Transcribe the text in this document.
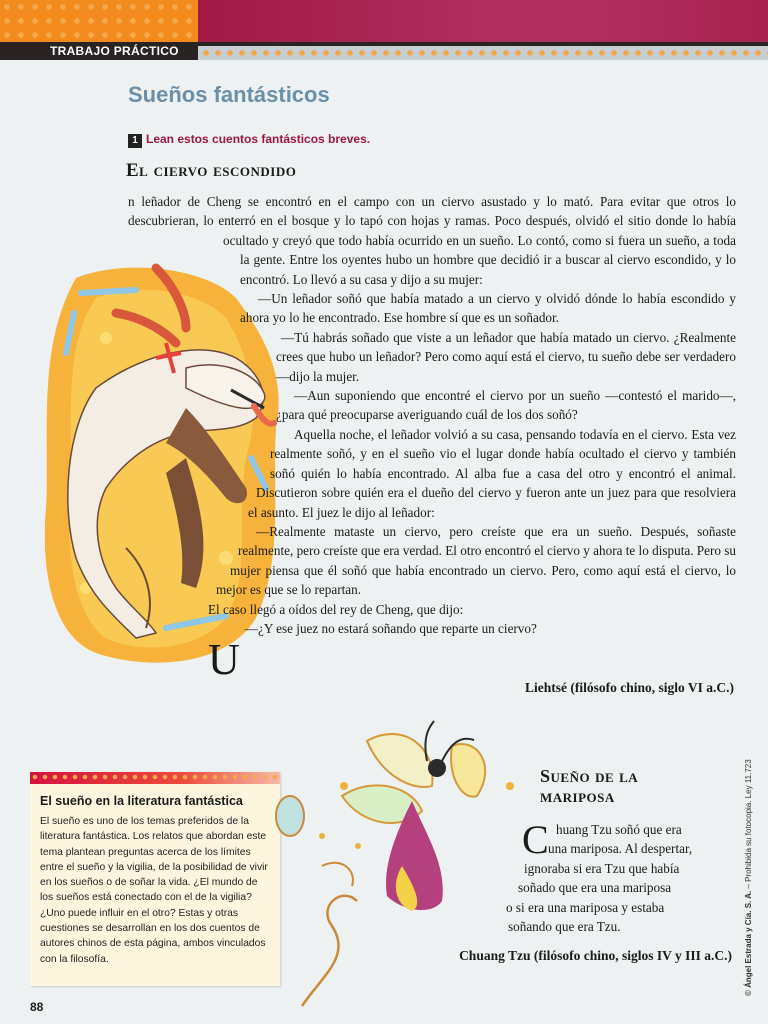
TRABAJO PRÁCTICO
Sueños fantásticos
1 Lean estos cuentos fantásticos breves.
El ciervo escondido

U
n leñador de Cheng se encontró en el campo con un ciervo asustado y lo mató. Para evitar que otros lo descubrieran, lo enterró en el bosque y lo tapó con hojas y ramas. Poco después, olvidó el sitio donde lo había ocultado y creyó que todo había ocurrido en un sueño. Lo contó, como si fuera un sueño, a toda la gente. Entre los oyentes hubo un hombre que decidió ir a buscar al ciervo escondido, y lo encontró. Lo llevó a su casa y dijo a su mujer:

—Un leñador soñó que había matado a un ciervo y olvidó dónde lo había escondido y ahora yo lo he encontrado. Ese hombre sí que es un soñador.

—Tú habrás soñado que viste a un leñador que había matado un ciervo. ¿Realmente crees que hubo un leñador? Pero como aquí está el ciervo, tu sueño debe ser verdadero —dijo la mujer.

—Aun suponiendo que encontré el ciervo por un sueño —contestó el marido—, ¿para qué preocuparse averiguando cuál de los dos soñó?

Aquella noche, el leñador volvió a su casa, pensando todavía en el ciervo. Esta vez realmente soñó, y en el sueño vio el lugar donde había ocultado el ciervo y también soñó quién lo había encontrado. Al alba fue a casa del otro y encontró el animal. Discutieron sobre quién era el dueño del ciervo y fueron ante un juez para que resolviera el asunto. El juez le dijo al leñador:

—Realmente mataste un ciervo, pero creíste que era un sueño. Después, soñaste realmente, pero creíste que era verdad. El otro encontró el ciervo y ahora te lo disputa. Pero su mujer piensa que él soñó que había encontrado un ciervo. Pero, como aquí está el ciervo, lo mejor es que se lo repartan.

El caso llegó a oídos del rey de Cheng, que dijo:

—¿Y ese juez no estará soñando que reparte un ciervo?

Liehtsé (filósofo chino, siglo VI a.C.)
El sueño en la literatura fantástica

El sueño es uno de los temas preferidos de la literatura fantástica. Los relatos que abordan este tema plantean preguntas acerca de los límites entre el sueño y la vigilia, de la posibilidad de vivir en los sueños o de soñar la vida. ¿El mundo de los sueños está conectado con el de la vigilia? ¿Uno puede influir en el otro? Estas y otras cuestiones se desarrollan en los dos cuentos de autores chinos de esta página, ambos vinculados con la filosofía.

Sueño de la
mariposa
C huang Tzu soñó que era
una mariposa. Al despertar,
ignoraba si era Tzu que había
soñado que era una mariposa
o si era una mariposa y estaba
soñando que era Tzu.
Chuang Tzu (filósofo chino, siglos IV y III a.C.)
88
© Ángel Estrada y Cía. S. A. – Prohibida su fotocopia. Ley 11.723
